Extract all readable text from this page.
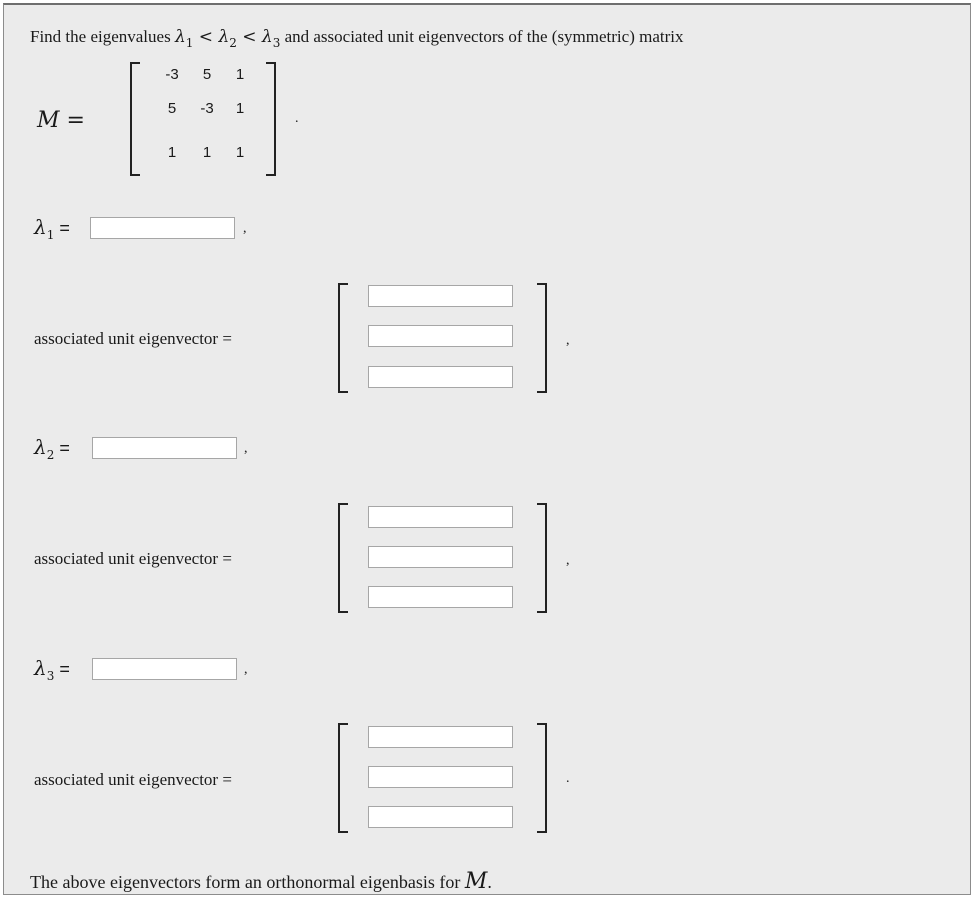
Find the eigenvalues $\lambda_1 < \lambda_2 < \lambda_3$ and associated unit eigenvectors of the (symmetric) matrix
M =
-3	5	1
5	-3	1
1	1	1
.
$\lambda_1$ =	,
associated unit eigenvector =	,
$\lambda_2$ =	,
associated unit eigenvector =	,
$\lambda_3$ =	,
associated unit eigenvector =	.
The above eigenvectors form an orthonormal eigenbasis for M.
